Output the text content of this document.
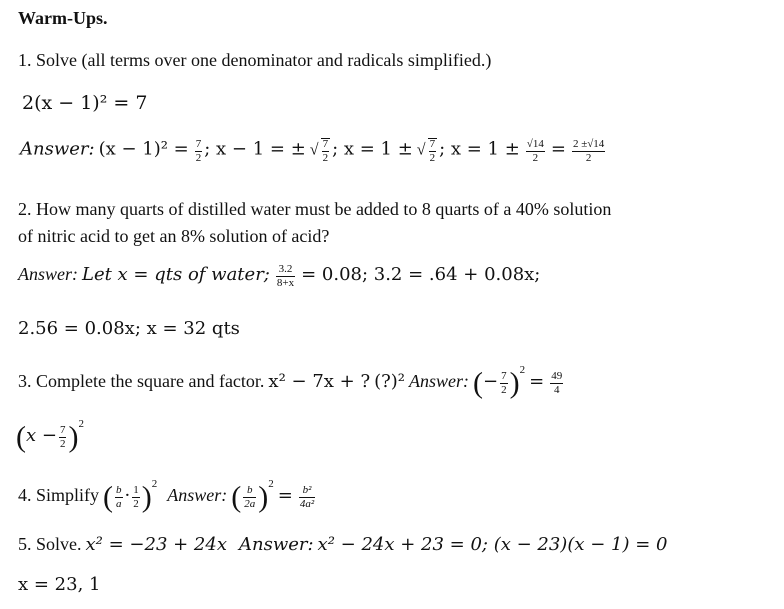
Warm-Ups.
1. Solve (all terms over one denominator and radicals simplified.)
2(x − 1)² = 7
Answer: $(x - 1)^2 = \frac{7}{2}$ ; x − 1 = ± √ $\frac{7}{2}$ ; x = 1 ± √ $\frac{7}{2}$ ; $x = 1 \pm \frac{√14}{2} = \frac{2 \pm√14}{2}$
2. How many quarts of distilled water must be added to 8 quarts of a 40% solution
of nitric acid to get an 8% solution of acid?
Answer: Let x = qts of water; $\frac{3.2}{8+x} = 0.08$; 3.2 = .64 + 0.08x;
2.56 = 0.08x; x = 32 qts
3. Complete the square and factor. x² − 7x + ? (?)² Answer: (− $\frac{7}{2} )^2 = \frac{49}{4}$
$(x - \frac{7}{2} )^2$
4. Simplify ( $\frac{b}{a} \cdot \frac{1}{2} )^2$ Answer: ( $\frac{b}{2a} )^2 = \frac{\text{b²}}{\text{4a²}}$
5. Solve. x² = −23 + 24x Answer: x² − 24x + 23 = 0; (x − 23)(x − 1) = 0
x = 23, 1
